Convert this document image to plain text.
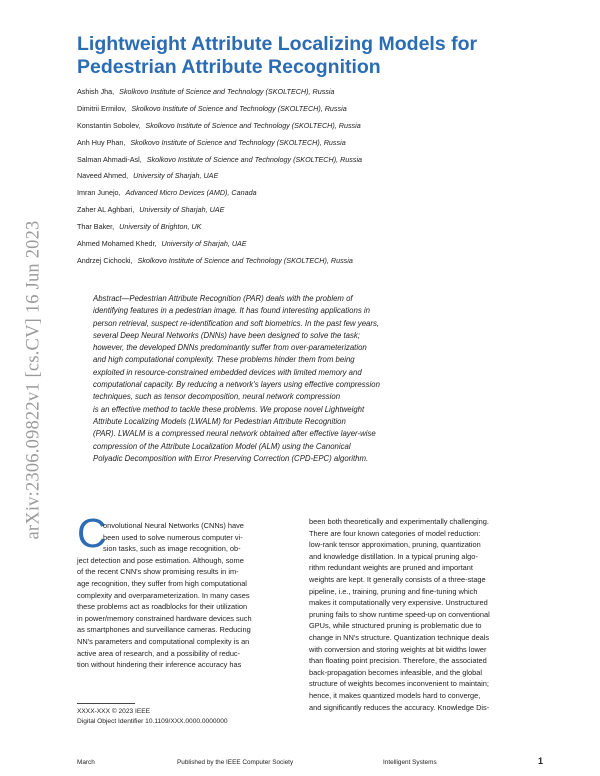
Lightweight Attribute Localizing Models for
Pedestrian Attribute Recognition
Ashish Jha, Skolkovo Institute of Science and Technology (SKOLTECH), Russia
Dimitrii Ermilov, Skolkovo Institute of Science and Technology (SKOLTECH), Russia
Konstantin Sobolev, Skolkovo Institute of Science and Technology (SKOLTECH), Russia
Anh Huy Phan, Skolkovo Institute of Science and Technology (SKOLTECH), Russia
Salman Ahmadi-Asl, Skolkovo Institute of Science and Technology (SKOLTECH), Russia
Naveed Ahmed, University of Sharjah, UAE
Imran Junejo, Advanced Micro Devices (AMD), Canada
Zaher AL Aghbari, University of Sharjah, UAE
Thar Baker, University of Brighton, UK
Ahmed Mohamed Khedr, University of Sharjah, UAE
Andrzej Cichocki, Skolkovo Institute of Science and Technology (SKOLTECH), Russia
arXiv:2306.09822v1 [cs.CV] 16 Jun 2023	Abstract—Pedestrian Attribute Recognition (PAR) deals with the problem of
identifying features in a pedestrian image. It has found interesting applications in
person retrieval, suspect re-identification and soft biometrics. In the past few years,
several Deep Neural Networks (DNNs) have been designed to solve the task;
however, the developed DNNs predominantly suffer from over-parameterization
and high computational complexity. These problems hinder them from being
exploited in resource-constrained embedded devices with limited memory and
computational capacity. By reducing a network's layers using effective compression
techniques, such as tensor decomposition, neural network compression
is an effective method to tackle these problems. We propose novel Lightweight
Attribute Localizing Models (LWALM) for Pedestrian Attribute Recognition
(PAR). LWALM is a compressed neural network obtained after effective layer-wise
compression of the Attribute Localization Model (ALM) using the Canonical
Polyadic Decomposition with Error Preserving Correction (CPD-EPC) algorithm.
C
onvolutional Neural Networks (CNNs) have
been used to solve numerous computer vi-
sion tasks, such as image recognition, ob-
ject detection and pose estimation. Although, some
of the recent CNN's show promising results in im-
age recognition, they suffer from high computational
complexity and overparameterization. In many cases
these problems act as roadblocks for their utilization
in power/memory constrained hardware devices such
as smartphones and surveillance cameras. Reducing
NN's parameters and computational complexity is an
active area of research, and a possibility of reduc-
tion without hindering their inference accuracy has
been both theoretically and experimentally challenging.
There are four known categories of model reduction:
low-rank tensor approximation, pruning, quantization
and knowledge distillation. In a typical pruning algo-
rithm redundant weights are pruned and important
weights are kept. It generally consists of a three-stage
pipeline, i.e., training, pruning and fine-tuning which
makes it computationally very expensive. Unstructured
pruning fails to show runtime speed-up on conventional
GPUs, while structured pruning is problematic due to
change in NN's structure. Quantization technique deals
with conversion and storing weights at bit widths lower
than floating point precision. Therefore, the associated
back-propagation becomes infeasible, and the global
structure of weights becomes inconvenient to maintain;
hence, it makes quantized models hard to converge,
and significantly reduces the accuracy. Knowledge Dis-
XXXX-XXX © 2023 IEEE
Digital Object Identifier 10.1109/XXX.0000.0000000
March	Published by the IEEE Computer Society	Intelligent Systems	1
